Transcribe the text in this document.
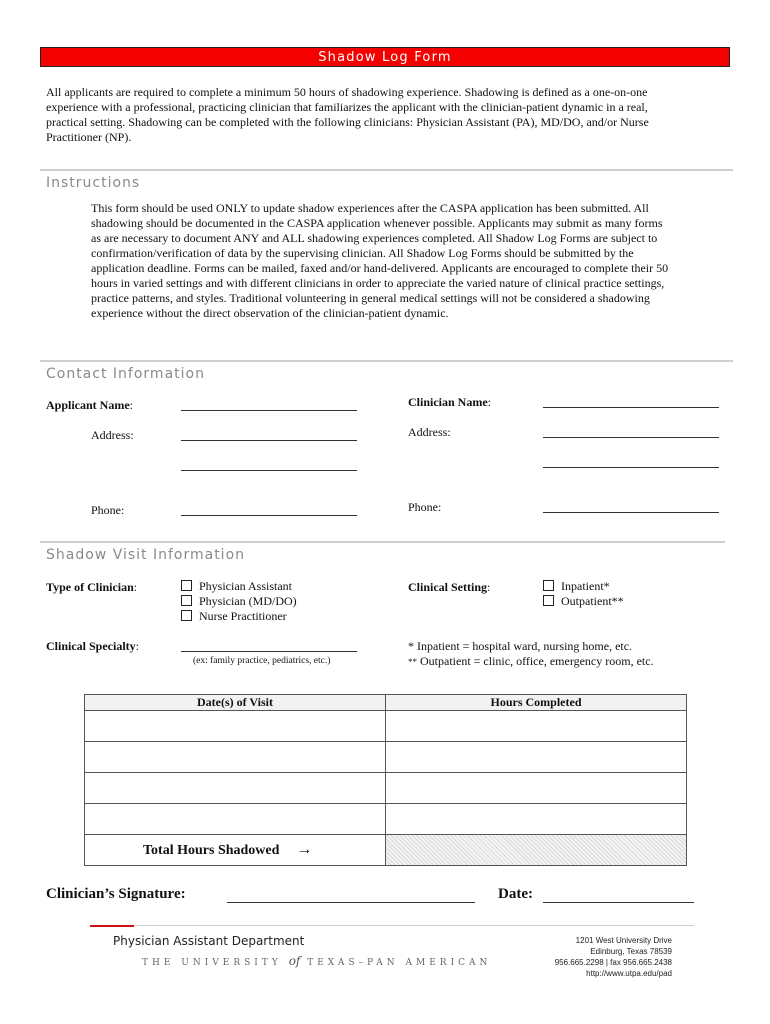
Shadow Log Form
All applicants are required to complete a minimum 50 hours of shadowing experience. Shadowing is defined as a one-on-one experience with a professional, practicing clinician that familiarizes the applicant with the clinician-patient dynamic in a real, practical setting. Shadowing can be completed with the following clinicians: Physician Assistant (PA), MD/DO, and/or Nurse Practitioner (NP).
Instructions
This form should be used ONLY to update shadow experiences after the CASPA application has been submitted. All shadowing should be documented in the CASPA application whenever possible. Applicants may submit as many forms as are necessary to document ANY and ALL shadowing experiences completed. All Shadow Log Forms are subject to confirmation/verification of data by the supervising clinician. All Shadow Log Forms should be submitted by the application deadline. Forms can be mailed, faxed and/or hand-delivered. Applicants are encouraged to complete their 50 hours in varied settings and with different clinicians in order to appreciate the varied nature of clinical practice settings, practice patterns, and styles. Traditional volunteering in general medical settings will not be considered a shadowing experience without the direct observation of the clinician-patient dynamic.
Contact Information
Applicant Name:
Address:
Phone:
Clinician Name:
Address:
Phone:
Shadow Visit Information
Type of Clinician:	Physician Assistant
Physician (MD/DO)
Nurse Practitioner
Clinical Setting:	Inpatient*
Outpatient**
Clinical Specialty:
(ex: family practice, pediatrics, etc.)
* Inpatient = hospital ward, nursing home, etc.
** Outpatient = clinic, office, emergency room, etc.
Date(s) of Visit	Hours Completed

Total Hours Shadowed →	
Clinician’s Signature:	Date:
Physician Assistant Department
THE UNIVERSITY of TEXAS–PAN AMERICAN
1201 West University Drive
Edinburg, Texas 78539
956.665.2298 | fax 956.665.2438
http://www.utpa.edu/pad
